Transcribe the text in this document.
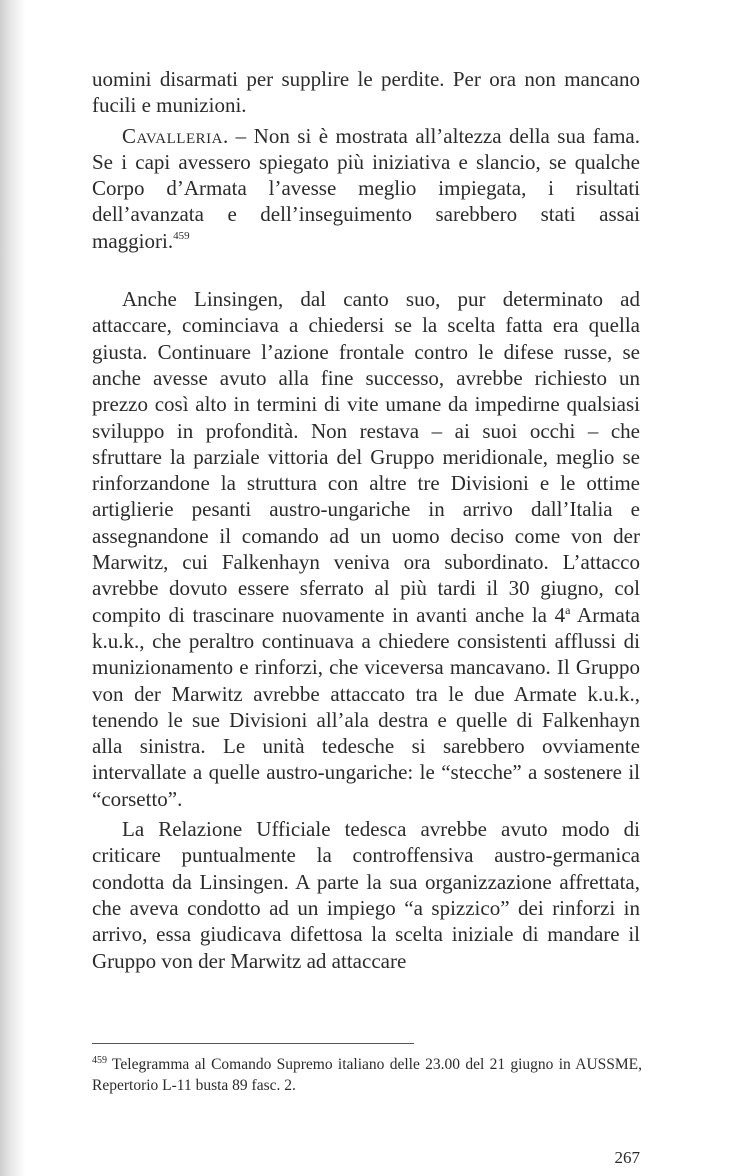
uomini disarmati per supplire le perdite. Per ora non mancano fucili e munizioni.

Cavalleria. – Non si è mostrata all’altezza della sua fama. Se i capi avessero spiegato più iniziativa e slancio, se qualche Corpo d’Armata l’avesse meglio impiegata, i risultati dell’avanzata e dell’inseguimento sarebbero stati assai maggiori.$^{459}$

Anche Linsingen, dal canto suo, pur determinato ad attaccare, cominciava a chiedersi se la scelta fatta era quella giusta. Continuare l’azione frontale contro le difese russe, se anche avesse avuto alla fine successo, avrebbe richiesto un prezzo così alto in termini di vite umane da impedirne qualsiasi sviluppo in profondità. Non restava – ai suoi occhi – che sfruttare la parziale vittoria del Gruppo meridionale, meglio se rinforzandone la struttura con altre tre Divisioni e le ottime artiglierie pesanti austro-ungariche in arrivo dall’Italia e assegnandone il comando ad un uomo deciso come von der Marwitz, cui Falkenhayn veniva ora subordinato. L’attacco avrebbe dovuto essere sferrato al più tardi il 30 giugno, col compito di trascinare nuovamente in avanti anche la 4$^a$ Armata k.u.k., che peraltro continuava a chiedere consistenti afflussi di munizionamento e rinforzi, che viceversa mancavano. Il Gruppo von der Marwitz avrebbe attaccato tra le due Armate k.u.k., tenendo le sue Divisioni all’ala destra e quelle di Falkenhayn alla sinistra. Le unità tedesche si sarebbero ovviamente intervallate a quelle austro-ungariche: le “stecche” a sostenere il “corsetto”.

La Relazione Ufficiale tedesca avrebbe avuto modo di criticare puntualmente la controffensiva austro-germanica condotta da Linsingen. A parte la sua organizzazione affrettata, che aveva condotto ad un impiego “a spizzico” dei rinforzi in arrivo, essa giudicava difettosa la scelta iniziale di mandare il Gruppo von der Marwitz ad attaccare

$^{459}$ Telegramma al Comando Supremo italiano delle 23.00 del 21 giugno in AUSSME, Repertorio L-11 busta 89 fasc. 2.
267
